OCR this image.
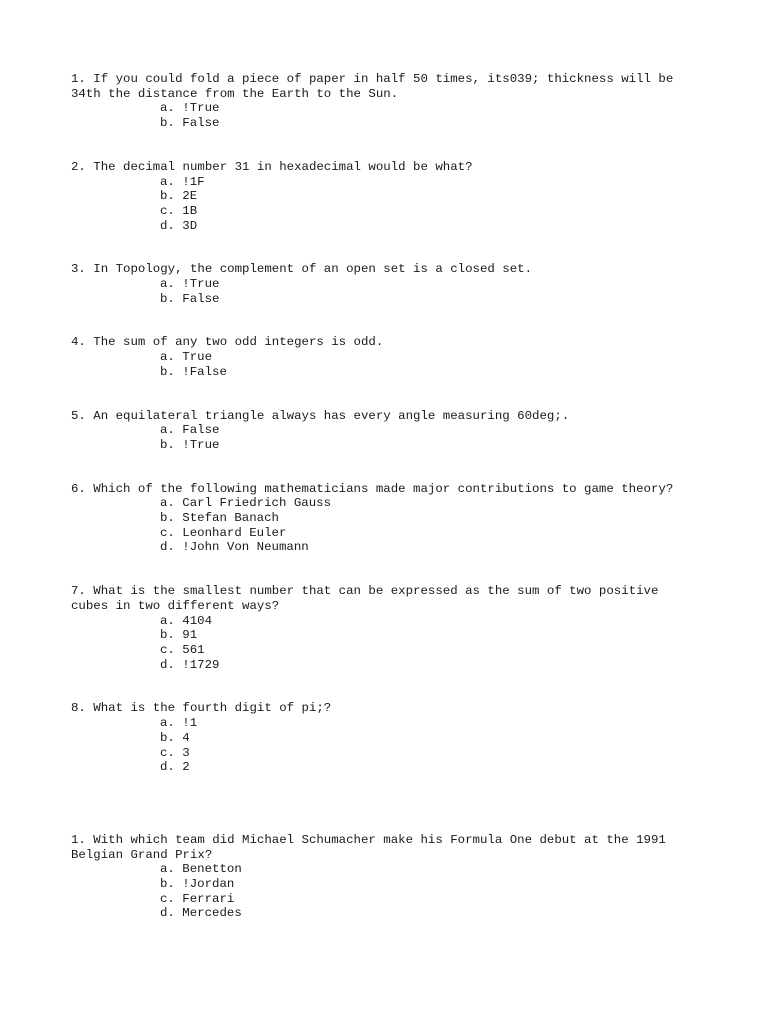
1. If you could fold a piece of paper in half 50 times, its039; thickness will be 34th the distance from the Earth to the Sun.

a. !True
b. False

2. The decimal number 31 in hexadecimal would be what?

a. !1F
b. 2E
c. 1B
d. 3D

3. In Topology, the complement of an open set is a closed set.

a. !True
b. False

4. The sum of any two odd integers is odd.

a. True
b. !False

5. An equilateral triangle always has every angle measuring 60deg;.

a. False
b. !True

6. Which of the following mathematicians made major contributions to game theory?

a. Carl Friedrich Gauss
b. Stefan Banach
c. Leonhard Euler
d. !John Von Neumann

7. What is the smallest number that can be expressed as the sum of two positive cubes in two different ways?

a. 4104
b. 91
c. 561
d. !1729

8. What is the fourth digit of pi;?

a. !1
b. 4
c. 3
d. 2

1. With which team did Michael Schumacher make his Formula One debut at the 1991 Belgian Grand Prix?

a. Benetton
b. !Jordan
c. Ferrari
d. Mercedes
